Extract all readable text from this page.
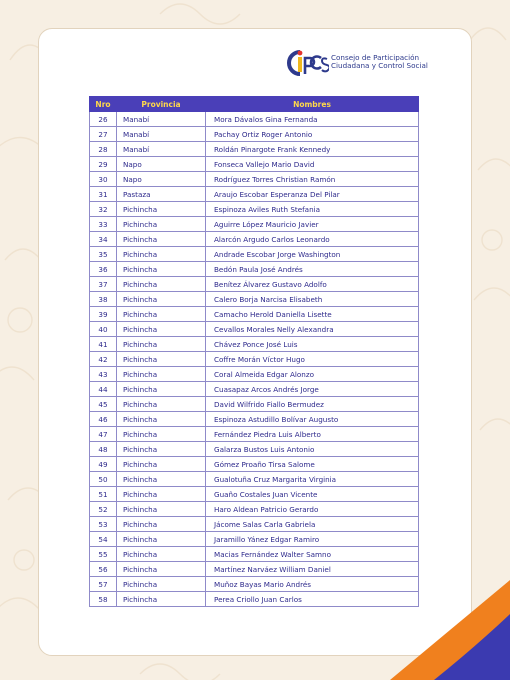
Consejo de Participación
Ciudadana y Control Social
Nro	Provincia	Nombres
26	Manabí	Mora Dávalos Gina Fernanda
27	Manabí	Pachay Ortiz Roger Antonio
28	Manabí	Roldán Pinargote Frank Kennedy
29	Napo	Fonseca Vallejo Mario David
30	Napo	Rodríguez Torres Christian Ramón
31	Pastaza	Araujo Escobar Esperanza Del Pilar
32	Pichincha	Espinoza Aviles Ruth Stefania
33	Pichincha	Aguirre López Mauricio Javier
34	Pichincha	Alarcón Argudo Carlos Leonardo
35	Pichincha	Andrade Escobar Jorge Washington
36	Pichincha	Bedón Paula José Andrés
37	Pichincha	Benítez Álvarez Gustavo Adolfo
38	Pichincha	Calero Borja Narcisa Elisabeth
39	Pichincha	Camacho Herold Daniella Lisette
40	Pichincha	Cevallos Morales Nelly Alexandra
41	Pichincha	Chávez Ponce José Luis
42	Pichincha	Coffre Morán Víctor Hugo
43	Pichincha	Coral Almeida Edgar Alonzo
44	Pichincha	Cuasapaz Arcos Andrés Jorge
45	Pichincha	David Wilfrido Fiallo Bermudez
46	Pichincha	Espinoza Astudillo Bolívar Augusto
47	Pichincha	Fernández Piedra Luis Alberto
48	Pichincha	Galarza Bustos Luis Antonio
49	Pichincha	Gómez Proaño Tirsa Salome
50	Pichincha	Gualotuña Cruz Margarita Virginia
51	Pichincha	Guaño Costales Juan Vicente
52	Pichincha	Haro Aldean Patricio Gerardo
53	Pichincha	Jácome Salas Carla Gabriela
54	Pichincha	Jaramillo Yánez Edgar Ramiro
55	Pichincha	Macias Fernández Walter Samno
56	Pichincha	Martínez Narváez William Daniel
57	Pichincha	Muñoz Bayas Mario Andrés
58	Pichincha	Perea Criollo Juan Carlos
